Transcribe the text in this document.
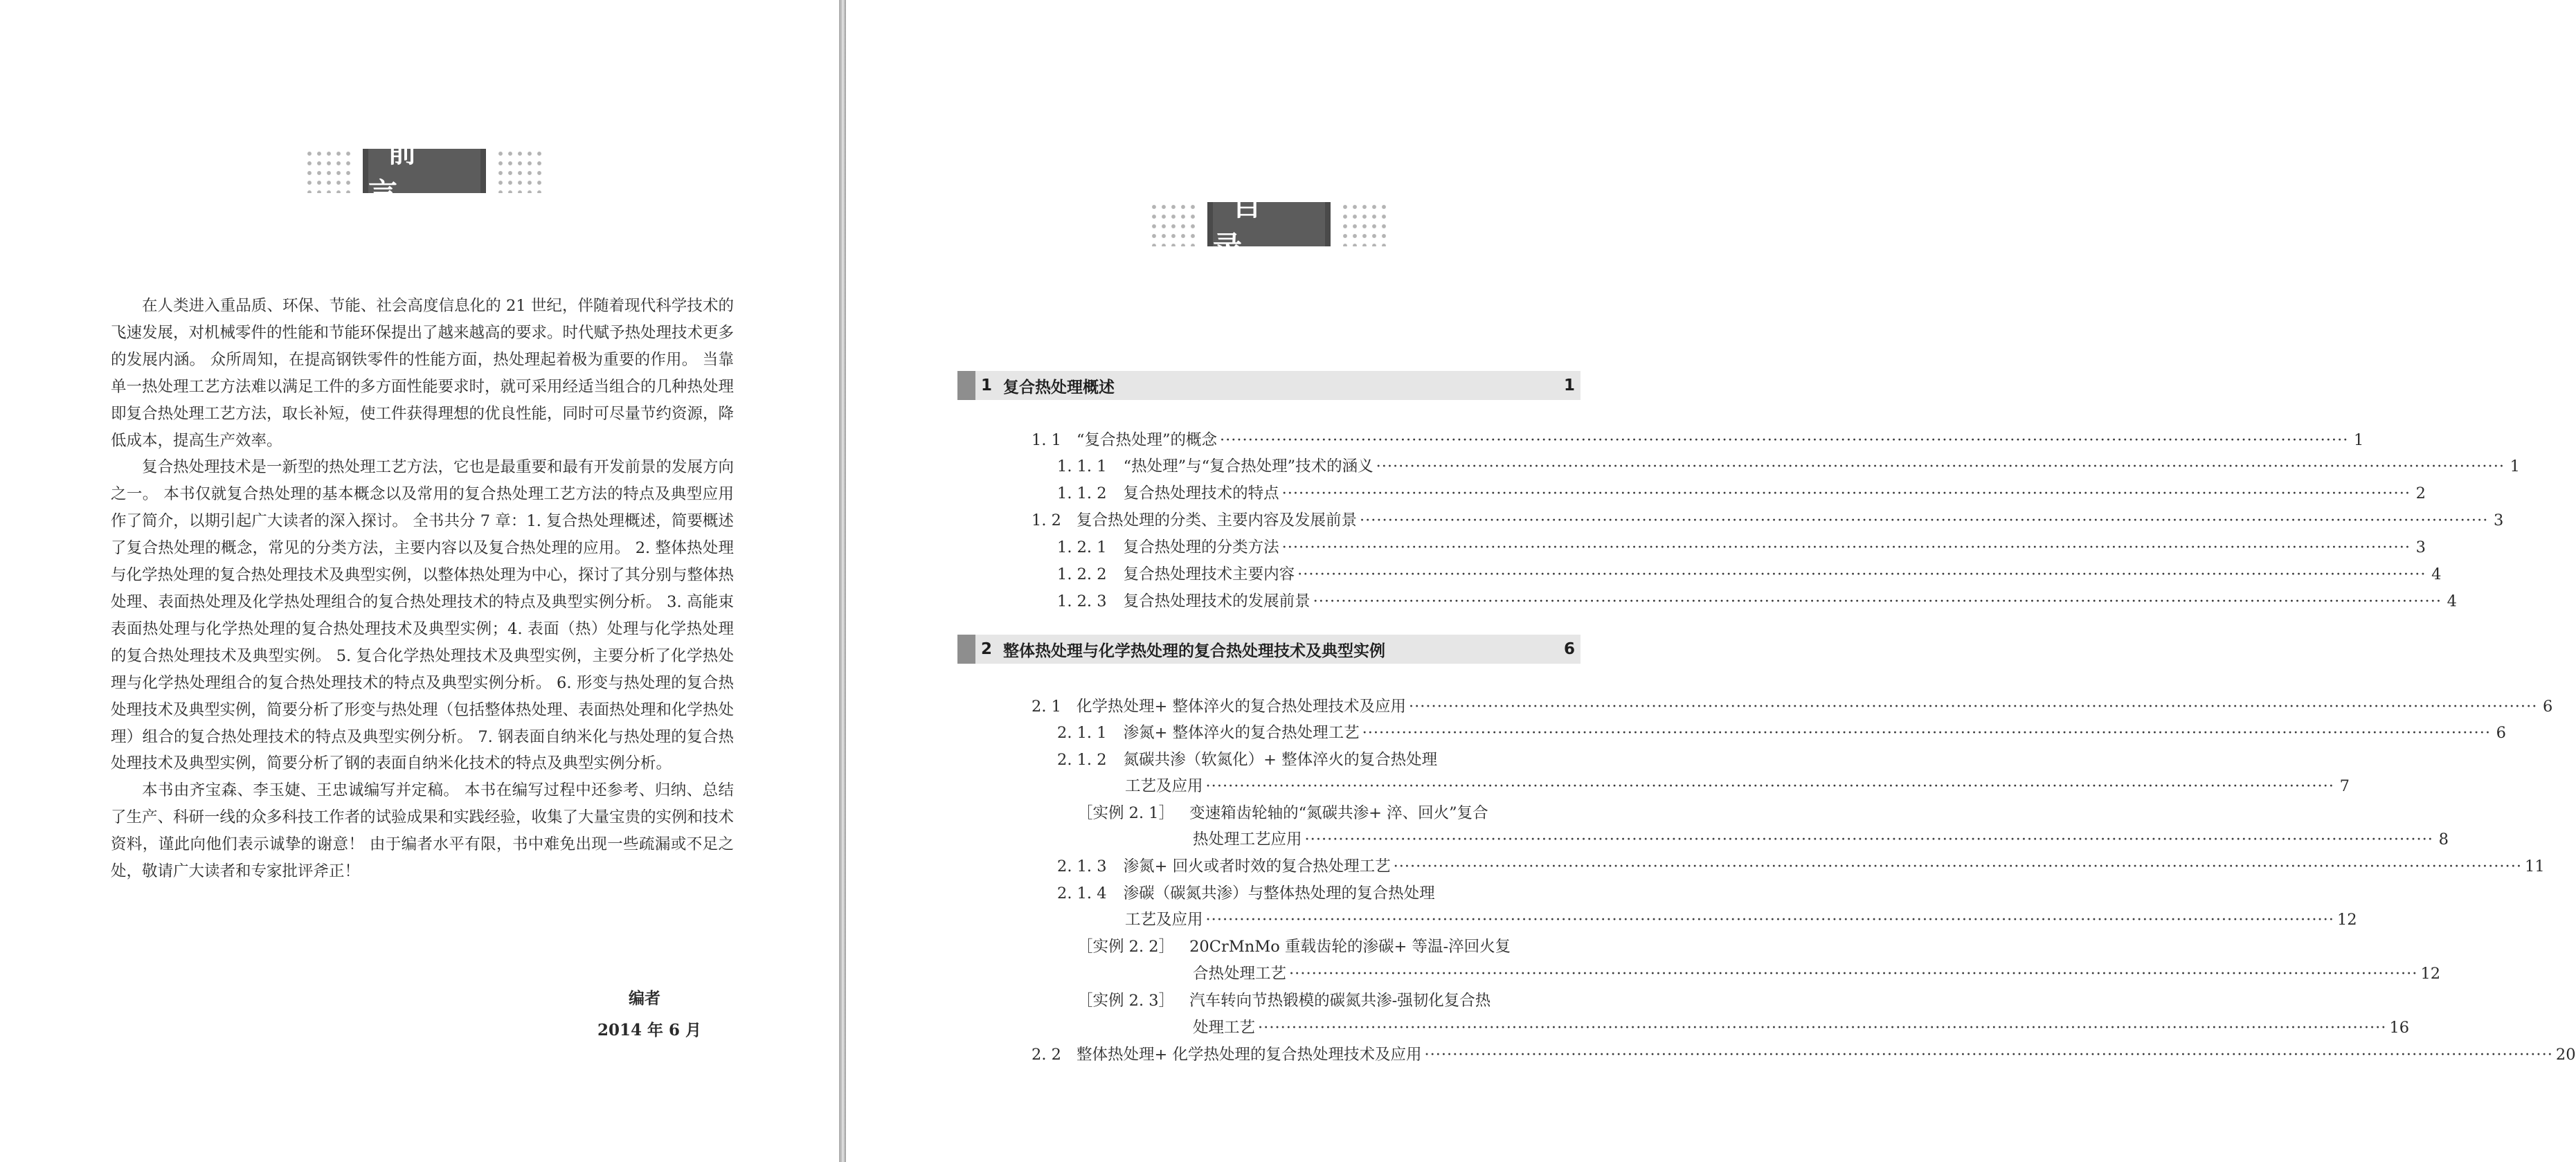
前 言

在人类进入重品质、环保、节能、社会高度信息化的 21 世纪，伴随着现代科学技术的飞速发展，对机械零件的性能和节能环保提出了越来越高的要求。时代赋予热处理技术更多的发展内涵。 众所周知，在提高钢铁零件的性能方面，热处理起着极为重要的作用。 当靠单一热处理工艺方法难以满足工件的多方面性能要求时，就可采用经适当组合的几种热处理即复合热处理工艺方法，取长补短，使工件获得理想的优良性能，同时可尽量节约资源，降低成本，提高生产效率。

复合热处理技术是一新型的热处理工艺方法，它也是最重要和最有开发前景的发展方向之一。 本书仅就复合热处理的基本概念以及常用的复合热处理工艺方法的特点及典型应用作了简介，以期引起广大读者的深入探讨。 全书共分 7 章：1. 复合热处理概述，简要概述了复合热处理的概念，常见的分类方法，主要内容以及复合热处理的应用。 2. 整体热处理与化学热处理的复合热处理技术及典型实例，以整体热处理为中心，探讨了其分别与整体热处理、表面热处理及化学热处理组合的复合热处理技术的特点及典型实例分析。 3. 高能束表面热处理与化学热处理的复合热处理技术及典型实例；4. 表面（热）处理与化学热处理的复合热处理技术及典型实例。 5. 复合化学热处理技术及典型实例，主要分析了化学热处理与化学热处理组合的复合热处理技术的特点及典型实例分析。 6. 形变与热处理的复合热处理技术及典型实例，简要分析了形变与热处理（包括整体热处理、表面热处理和化学热处理）组合的复合热处理技术的特点及典型实例分析。 7. 钢表面自纳米化与热处理的复合热处理技术及典型实例，简要分析了钢的表面自纳米化技术的特点及典型实例分析。

本书由齐宝森、李玉婕、王忠诚编写并定稿。 本书在编写过程中还参考、归纳、总结了生产、科研一线的众多科技工作者的试验成果和实践经验，收集了大量宝贵的实例和技术资料，谨此向他们表示诚挚的谢意！ 由于编者水平有限，书中难免出现一些疏漏或不足之处，敬请广大读者和专家批评斧正！

编者
2014 年 6 月
目 录
1 复合热处理概述	1
2 整体热处理与化学热处理的复合热处理技术及典型实例	6
1. 1 “复合热处理”的概念 ········································································································································································································ 1
1. 1. 1 “热处理”与“复合热处理”技术的涵义 ········································································································································································································ 1
1. 1. 2 复合热处理技术的特点 ········································································································································································································ 2
1. 2 复合热处理的分类、主要内容及发展前景 ········································································································································································································ 3
1. 2. 1 复合热处理的分类方法 ········································································································································································································ 3
1. 2. 2 复合热处理技术主要内容 ········································································································································································································ 4
1. 2. 3 复合热处理技术的发展前景 ········································································································································································································ 4
2. 1 化学热处理+ 整体淬火的复合热处理技术及应用 ········································································································································································································ 6
2. 1. 1 渗氮+ 整体淬火的复合热处理工艺 ········································································································································································································ 6
2. 1. 2 氮碳共渗（软氮化）+ 整体淬火的复合热处理
工艺及应用 ········································································································································································································ 7
［实例 2. 1］ 变速箱齿轮轴的“氮碳共渗+ 淬、回火”复合
热处理工艺应用 ········································································································································································································ 8
2. 1. 3 渗氮+ 回火或者时效的复合热处理工艺 ········································································································································································································ 11
2. 1. 4 渗碳（碳氮共渗）与整体热处理的复合热处理
工艺及应用 ········································································································································································································ 12
［实例 2. 2］ 20CrMnMo 重载齿轮的渗碳+ 等温-淬回火复
合热处理工艺 ········································································································································································································ 12
［实例 2. 3］ 汽车转向节热锻模的碳氮共渗-强韧化复合热
处理工艺 ········································································································································································································ 16
2. 2 整体热处理+ 化学热处理的复合热处理技术及应用 ········································································································································································································ 20
